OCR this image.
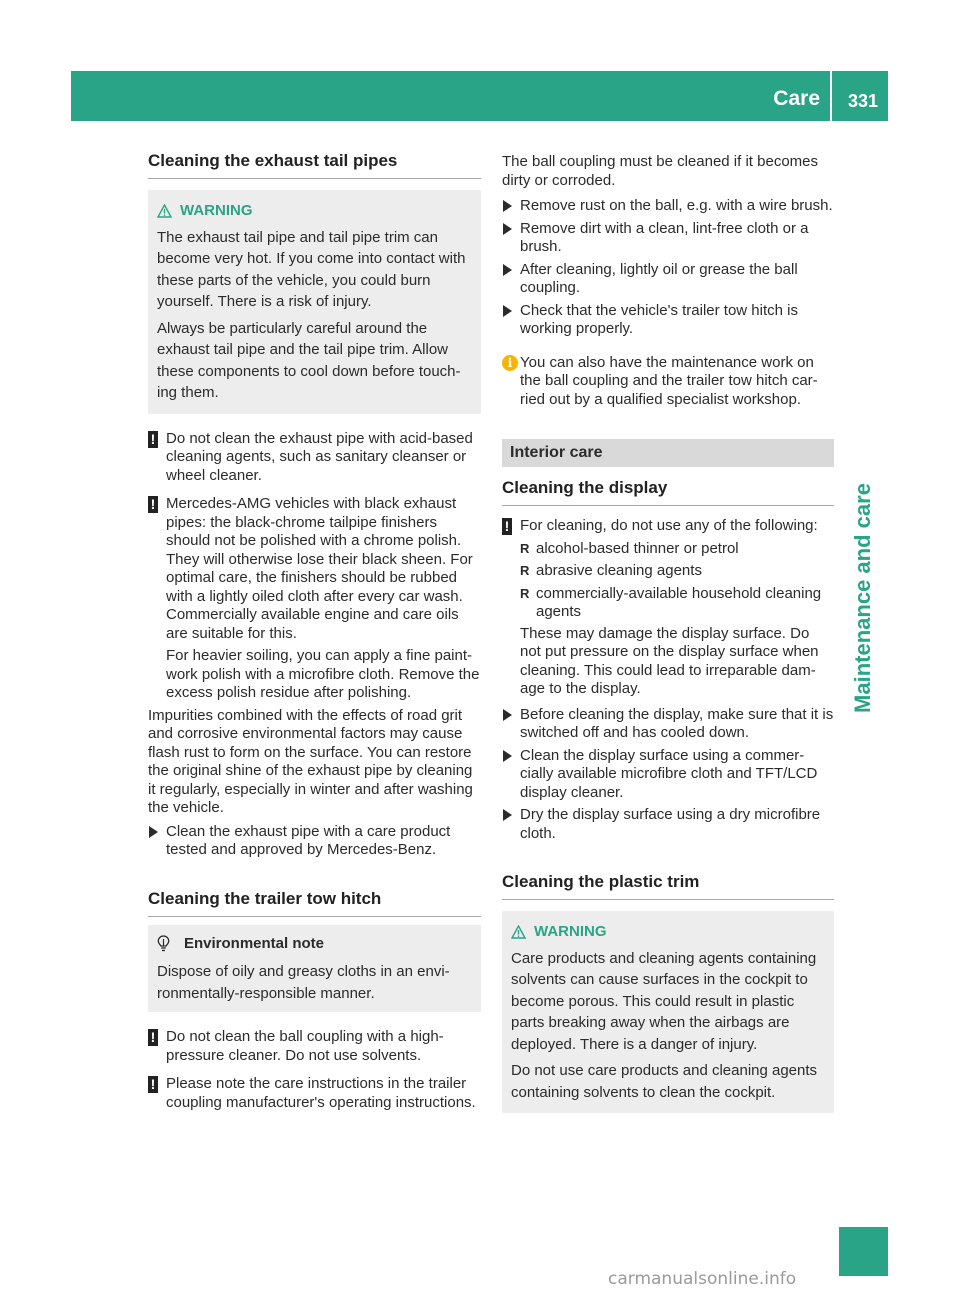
Care 331
Maintenance and care
Cleaning the exhaust tail pipes
WARNING

The exhaust tail pipe and tail pipe trim can become very hot. If you come into contact with these parts of the vehicle, you could burn yourself. There is a risk of injury.

Always be particularly careful around the exhaust tail pipe and the tail pipe trim. Allow these components to cool down before touch-ing them.

! Do not clean the exhaust pipe with acid-based cleaning agents, such as sanitary cleanser or wheel cleaner.
! Mercedes-AMG vehicles with black exhaust pipes: the black-chrome tailpipe finishers should not be polished with a chrome polish. They will otherwise lose their black sheen. For optimal care, the finishers should be rubbed with a lightly oiled cloth after every car wash. Commercially available engine and care oils are suitable for this.

For heavier soiling, you can apply a fine paint-work polish with a microfibre cloth. Remove the excess polish residue after polishing.

Impurities combined with the effects of road grit and corrosive environmental factors may cause flash rust to form on the surface. You can restore the original shine of the exhaust pipe by cleaning it regularly, especially in winter and after washing the vehicle.

Clean the exhaust pipe with a care product tested and approved by Mercedes-Benz.
Cleaning the trailer tow hitch
Environmental note

Dispose of oily and greasy cloths in an envi-ronmentally-responsible manner.

! Do not clean the ball coupling with a high-pressure cleaner. Do not use solvents.
! Please note the care instructions in the trailer coupling manufacturer's operating instructions.

The ball coupling must be cleaned if it becomes dirty or corroded.

Remove rust on the ball, e.g. with a wire brush.
Remove dirt with a clean, lint-free cloth or a brush.
After cleaning, lightly oil or grease the ball coupling.
Check that the vehicle's trailer tow hitch is working properly.
i You can also have the maintenance work on the ball coupling and the trailer tow hitch car-ried out by a qualified specialist workshop.
Interior care
Cleaning the display
! For cleaning, do not use any of the following:
R alcohol-based thinner or petrol
R abrasive cleaning agents
R commercially-available household cleaning agents

These may damage the display surface. Do not put pressure on the display surface when cleaning. This could lead to irreparable dam-age to the display.

Before cleaning the display, make sure that it is switched off and has cooled down.
Clean the display surface using a commer-cially available microfibre cloth and TFT/LCD display cleaner.
Dry the display surface using a dry microfibre cloth.
Cleaning the plastic trim
WARNING

Care products and cleaning agents containing solvents can cause surfaces in the cockpit to become porous. This could result in plastic parts breaking away when the airbags are deployed. There is a danger of injury.

Do not use care products and cleaning agents containing solvents to clean the cockpit.

carmanualsonline.info
